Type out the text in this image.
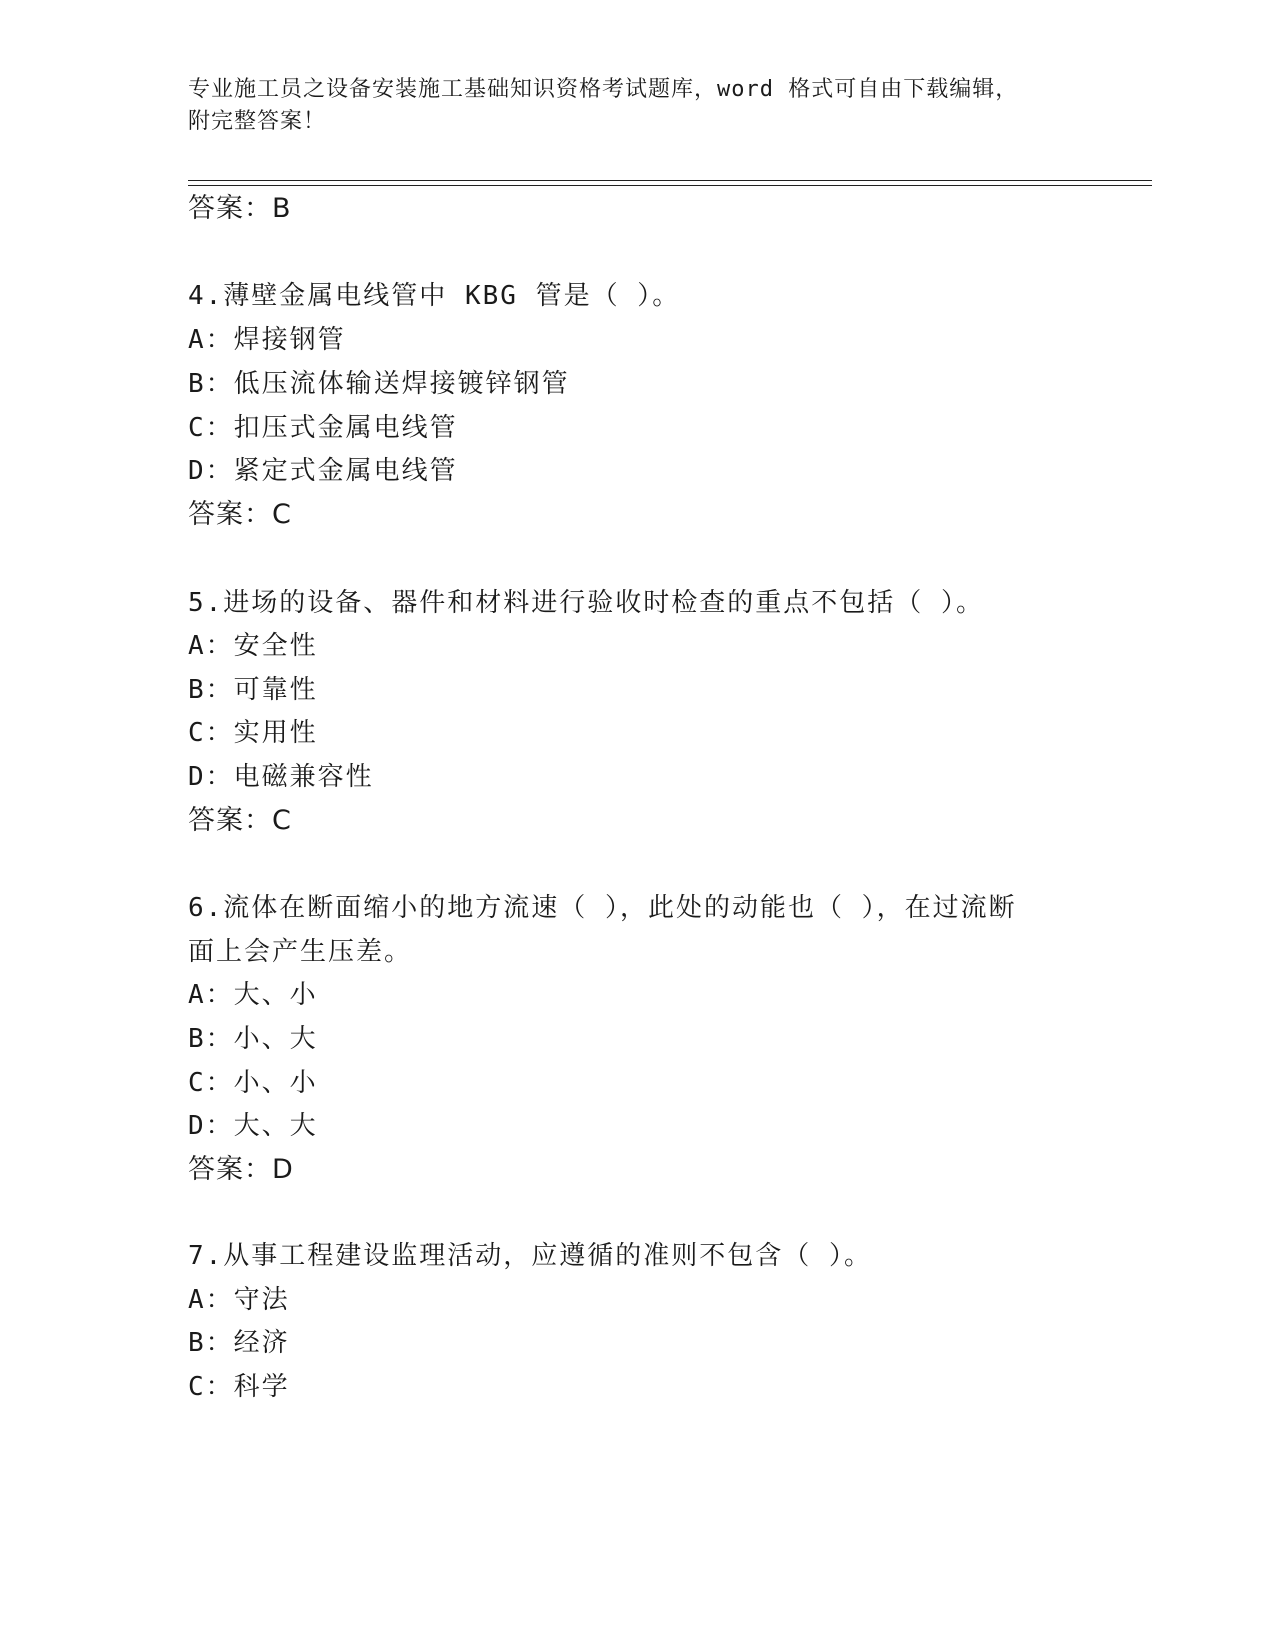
专业施工员之设备安装施工基础知识资格考试题库，word 格式可自由下载编辑，
附完整答案！
答案：B
4.薄壁金属电线管中 KBG 管是（ ）。
A：焊接钢管
B：低压流体输送焊接镀锌钢管
C：扣压式金属电线管
D：紧定式金属电线管
答案：C
5.进场的设备、器件和材料进行验收时检查的重点不包括（ ）。
A：安全性
B：可靠性
C：实用性
D：电磁兼容性
答案：C
6.流体在断面缩小的地方流速（ ），此处的动能也（ ），在过流断
面上会产生压差。
A：大、小
B：小、大
C：小、小
D：大、大
答案：D
7.从事工程建设监理活动，应遵循的准则不包含（ ）。
A：守法
B：经济
C：科学
